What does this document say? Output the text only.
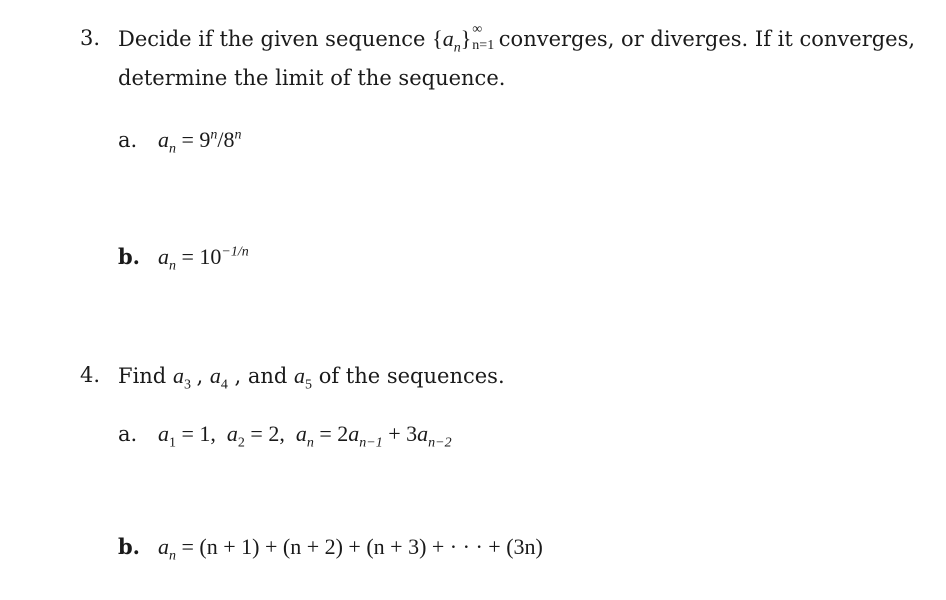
3. Decide if the given sequence $\{a_n\}$ ∞
n=1 converges, or diverges. If it converges,
determine the limit of the sequence.
a. $a_n = 9^n/8^n$
b. $a_n = 10^{-1/n}$
4. Find $a_3$ , $a_4$ , and $a_5$ of the sequences.
a. $a_1 = 1$,  $a_2 = 2$,  $a_n = 2a_{n-1} + 3a_{n-2}$
b. $a_n = (n + 1) + (n + 2) + (n + 3)$ + · · · + (3n)
